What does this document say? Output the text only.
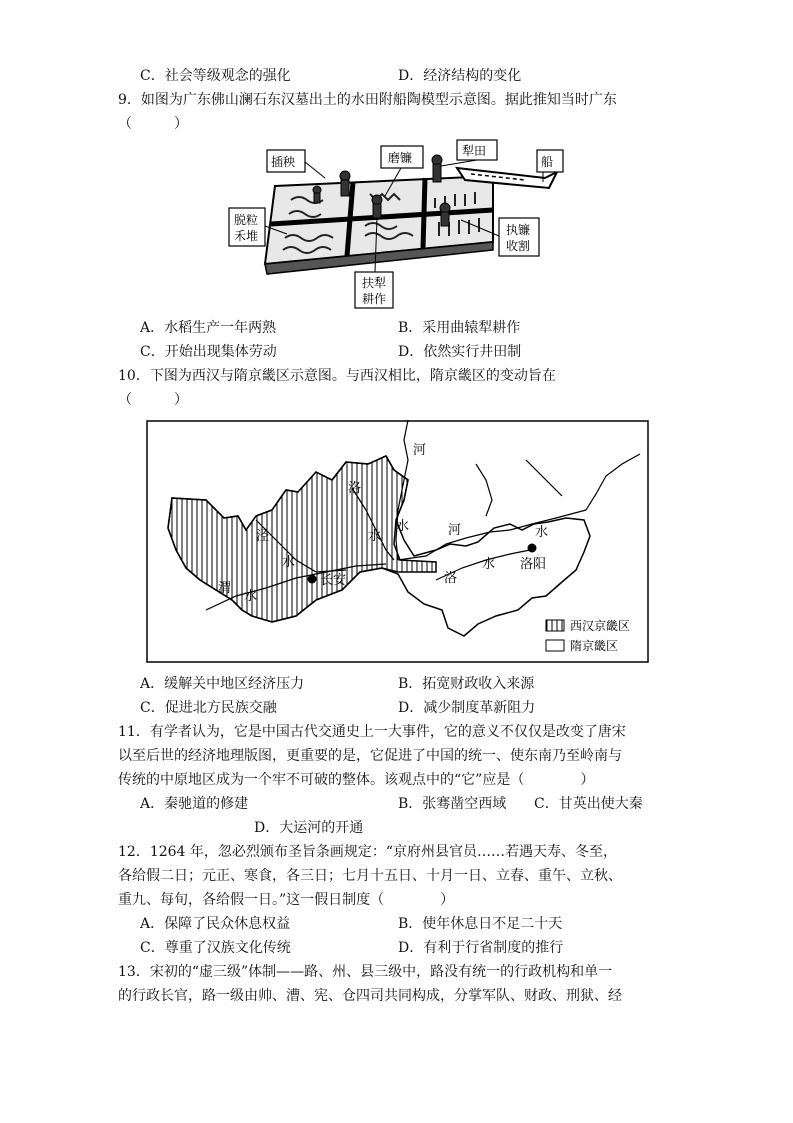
C．社会等级观念的强化	D．经济结构的变化
9．如图为广东佛山澜石东汉墓出土的水田附船陶模型示意图。据此推知当时广东
（　　　）
插秧	磨镰	犁田
船
脱粒
禾堆	执镰
收割
扶犁
耕作
A．水稻生产一年两熟	B．采用曲辕犁耕作
C．开始出现集体劳动	D．依然实行井田制
10．下图为西汉与隋京畿区示意图。与西汉相比，隋京畿区的变动旨在
（　　　）
河
洛
泾	水
水
水
渭
水
长安
河	水
洛
水 洛阳
西汉京畿区
隋京畿区
A．缓解关中地区经济压力	B．拓宽财政收入来源
C．促进北方民族交融	D．减少制度革新阻力
11．有学者认为，它是中国古代交通史上一大事件，它的意义不仅仅是改变了唐宋
以至后世的经济地理版图，更重要的是，它促进了中国的统一、使东南乃至岭南与
传统的中原地区成为一个牢不可破的整体。该观点中的“它”应是（　　　　）
A．秦驰道的修建	B．张骞凿空西域 C．甘英出使大秦
D．大运河的开通
12．1264 年，忽必烈颁布圣旨条画规定：“京府州县官员……若遇天寿、冬至，
各给假二日；元正、寒食，各三日；七月十五日、十月一日、立春、重午、立秋、
重九、每旬，各给假一日。”这一假日制度（　　　　）
A．保障了民众休息权益	B．使年休息日不足二十天
C．尊重了汉族文化传统	D．有利于行省制度的推行
13．宋初的“虚三级”体制——路、州、县三级中，路没有统一的行政机构和单一
的行政长官，路一级由帅、漕、宪、仓四司共同构成，分掌军队、财政、刑狱、经
